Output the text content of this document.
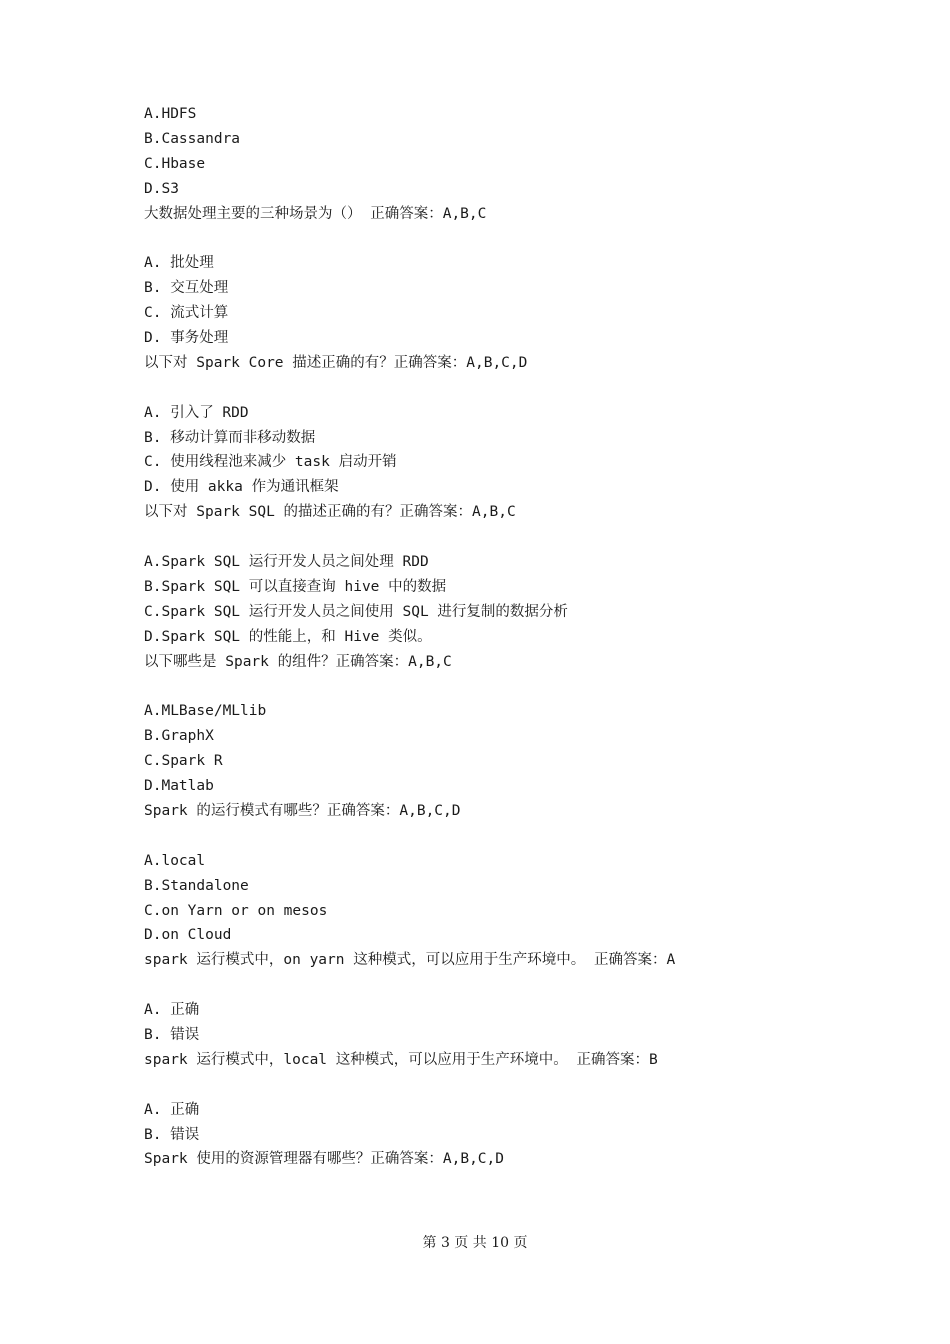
A.HDFS
B.Cassandra
C.Hbase
D.S3
大数据处理主要的三种场景为（） 正确答案：A,B,C
A. 批处理
B. 交互处理
C. 流式计算
D. 事务处理
以下对 Spark Core 描述正确的有？正确答案：A,B,C,D
A. 引入了 RDD
B. 移动计算而非移动数据
C. 使用线程池来减少 task 启动开销
D. 使用 akka 作为通讯框架
以下对 Spark SQL 的描述正确的有？正确答案：A,B,C
A.Spark SQL 运行开发人员之间处理 RDD
B.Spark SQL 可以直接查询 hive 中的数据
C.Spark SQL 运行开发人员之间使用 SQL 进行复制的数据分析
D.Spark SQL 的性能上，和 Hive 类似。
以下哪些是 Spark 的组件？正确答案：A,B,C
A.MLBase/MLlib
B.GraphX
C.Spark R
D.Matlab
Spark 的运行模式有哪些？正确答案：A,B,C,D
A.local
B.Standalone
C.on Yarn or on mesos
D.on Cloud
spark 运行模式中，on yarn 这种模式，可以应用于生产环境中。 正确答案：A
A. 正确
B. 错误
spark 运行模式中，local 这种模式，可以应用于生产环境中。 正确答案：B
A. 正确
B. 错误
Spark 使用的资源管理器有哪些？正确答案：A,B,C,D
第 3 页 共 10 页
